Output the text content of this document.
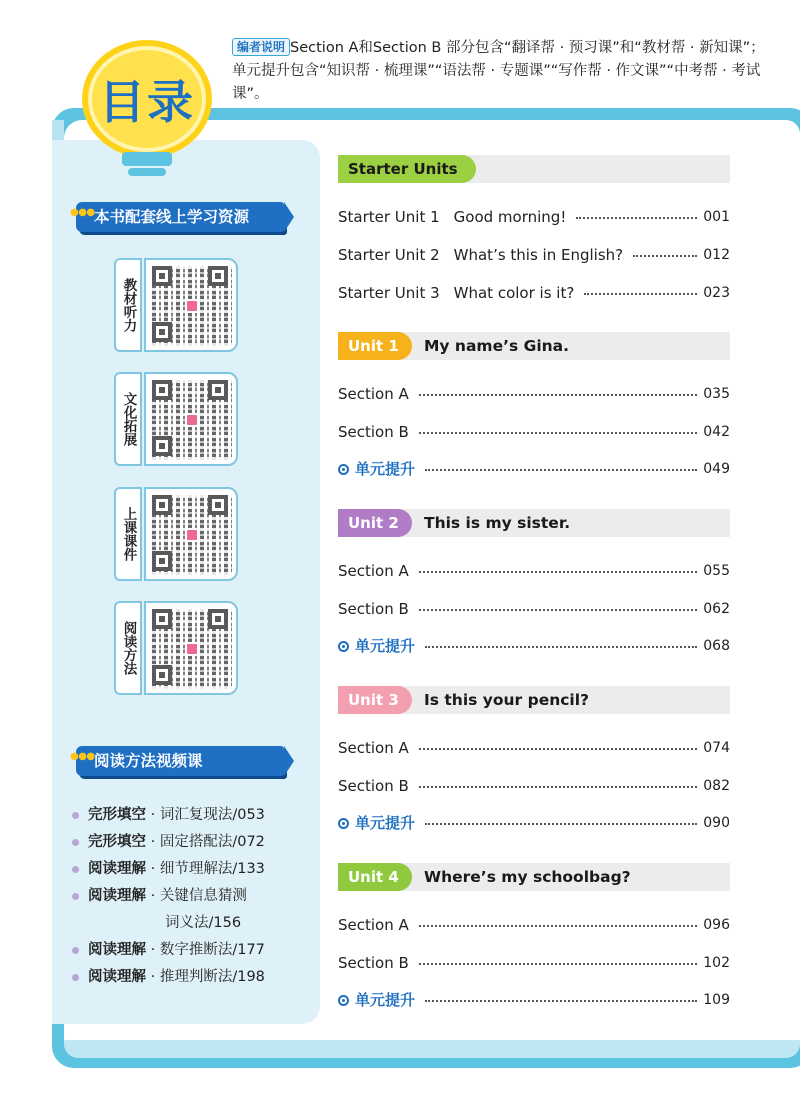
目录
编者说明 Section A和Section B 部分包含“翻译帮 · 预习课”和“教材帮 · 新知课”；单元提升包含“知识帮 · 梳理课”“语法帮 · 专题课”“写作帮 · 作文课”“中考帮 · 考试课”。
● ● ● 本书配套线上学习资源
教材听力
文化拓展
上课课件
阅读方法
● ● ● 阅读方法视频课
完形填空 · 词汇复现法/053
完形填空 · 固定搭配法/072
阅读理解 · 细节理解法/133
阅读理解 · 关键信息猜测
词义法/156
阅读理解 · 数字推断法/177
阅读理解 · 推理判断法/198
Starter Units
Starter Unit 1 Good morning!	001
Starter Unit 2 What’s this in English?	012
Starter Unit 3 What color is it?	023
Unit 1	My name’s Gina.
Section A	035
Section B	042
单元提升	049
Unit 2	This is my sister.
Section A	055
Section B	062
单元提升	068
Unit 3	Is this your pencil?
Section A	074
Section B	082
单元提升	090
Unit 4	Where’s my schoolbag?
Section A	096
Section B	102
单元提升	109
